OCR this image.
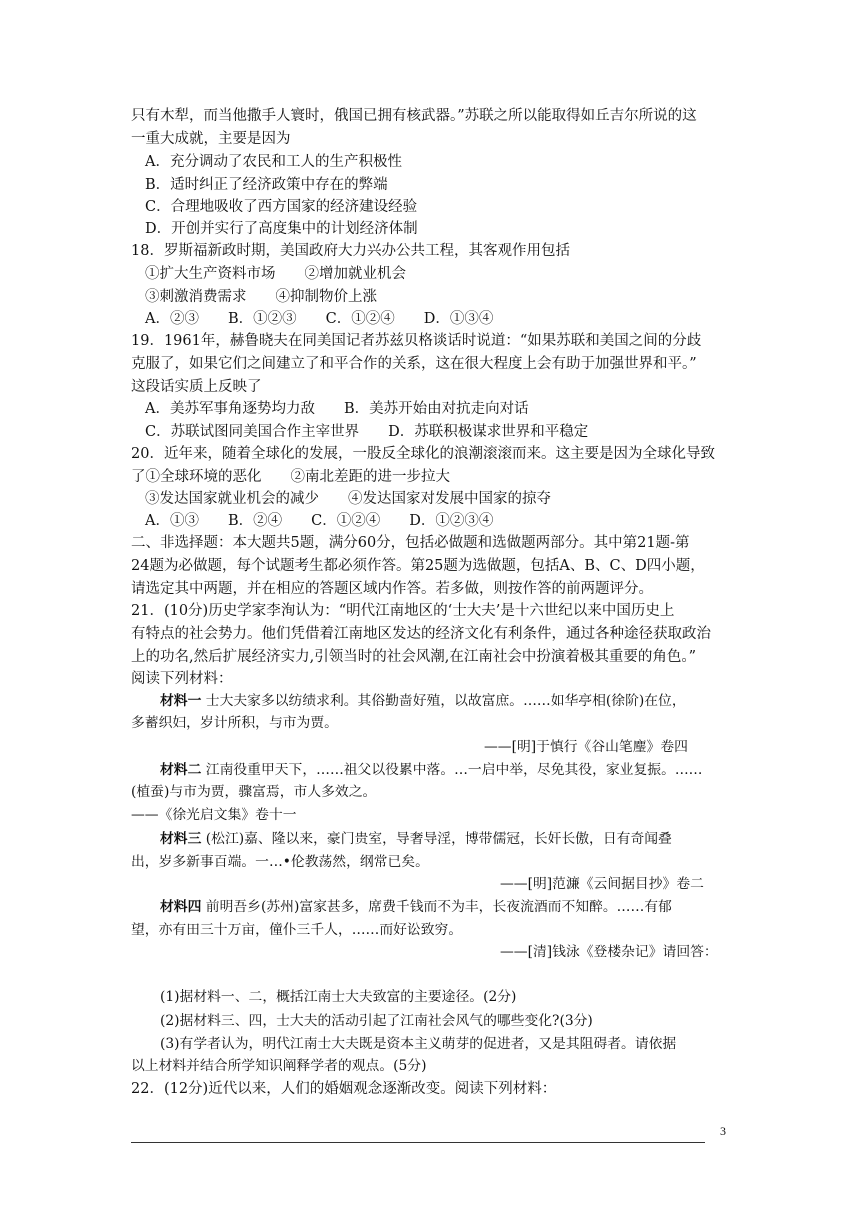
只有木犁，而当他撒手人寰时，俄国已拥有核武器。”苏联之所以能取得如丘吉尔所说的这
一重大成就，主要是因为
A．充分调动了农民和工人的生产积极性
B．适时纠正了经济政策中存在的弊端
C．合理地吸收了西方国家的经济建设经验
D．开创并实行了高度集中的计划经济体制
18．罗斯福新政时期，美国政府大力兴办公共工程，其客观作用包括
①扩大生产资料市场　　②增加就业机会
③刺激消费需求　　④抑制物价上涨
A．②③　　B．①②③　　C．①②④　　D．①③④
19．1961年，赫鲁晓夫在同美国记者苏兹贝格谈话时说道：“如果苏联和美国之间的分歧
克服了，如果它们之间建立了和平合作的关系，这在很大程度上会有助于加强世界和平。”
这段话实质上反映了
A．美苏军事角逐势均力敌　　B．美苏开始由对抗走向对话
C．苏联试图同美国合作主宰世界　　D．苏联积极谋求世界和平稳定
20．近年来，随着全球化的发展，一股反全球化的浪潮滚滚而来。这主要是因为全球化导致
了①全球环境的恶化　　②南北差距的进一步拉大
③发达国家就业机会的减少　　④发达国家对发展中国家的掠夺
A．①③　　B．②④　　C．①②④　　D．①②③④
二、非选择题：本大题共5题，满分60分，包括必做题和选做题两部分。其中第21题-第
24题为必做题，每个试题考生都必须作答。第25题为选做题，包括A、B、C、D四小题，
请选定其中两题，并在相应的答题区域内作答。若多做，则按作答的前两题评分。
21．(10分)历史学家李洵认为：“明代江南地区的‘士大夫’是十六世纪以来中国历史上
有特点的社会势力。他们凭借着江南地区发达的经济文化有利条件，通过各种途径获取政治
上的功名,然后扩展经济实力,引领当时的社会风潮,在江南社会中扮演着极其重要的角色。”
阅读下列材料：
材料一 士大夫家多以纺绩求利。其俗勤啬好殖，以故富庶。……如华亭相(徐阶)在位，
多蓄织妇，岁计所积，与市为贾。
——[明]于慎行《谷山笔麈》卷四
材料二 江南役重甲天下，……祖父以役累中落。…一启中举，尽免其役，家业复振。……
(植蚕)与市为贾，骤富焉，市人多效之。
——《徐光启文集》卷十一
材料三 (松江)嘉、隆以来，豪门贵室，导奢导淫，博带儒冠，长奸长傲，日有奇闻叠
出，岁多新事百端。一…•伦教荡然，纲常已矣。
——[明]范濂《云间据目抄》卷二
材料四 前明吾乡(苏州)富家甚多，席费千钱而不为丰，长夜流酒而不知醉。……有郁
望，亦有田三十万亩，僮仆三千人，……而好讼致穷。
——[清]钱泳《登楼杂记》请回答：
(1)据材料一、二，概括江南士大夫致富的主要途径。(2分)
(2)据材料三、四，士大夫的活动引起了江南社会风气的哪些变化?(3分)
(3)有学者认为，明代江南士大夫既是资本主义萌芽的促进者，又是其阻碍者。请依据
以上材料并结合所学知识阐释学者的观点。(5分)
22．(12分)近代以来，人们的婚姻观念逐渐改变。阅读下列材料：
3
